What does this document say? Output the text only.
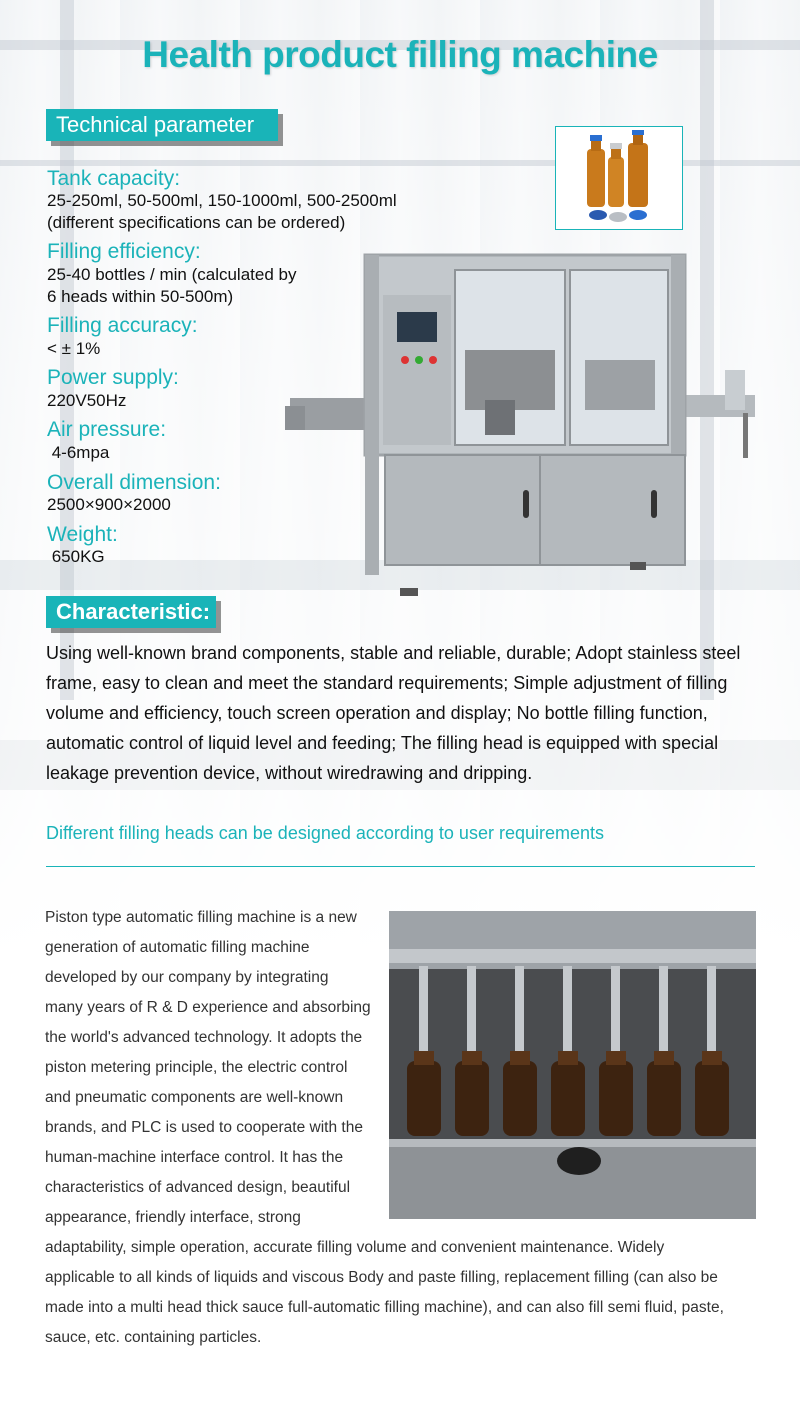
Health product filling machine
Technical parameter
Tank capacity:
25-250ml, 50-500ml, 150-1000ml, 500-2500ml
(different specifications can be ordered)
Filling efficiency:
25-40 bottles / min (calculated by
6 heads within 50-500m)
Filling accuracy:
< ± 1%
Power supply:
220V50Hz
Air pressure:
4-6mpa
Overall dimension:
2500×900×2000
Weight:
650KG
Characteristic:
Using well-known brand components, stable and reliable, durable; Adopt stainless steel frame, easy to clean and meet the standard requirements; Simple adjustment of filling volume and efficiency, touch screen operation and display; No bottle filling function, automatic control of liquid level and feeding; The filling head is equipped with special leakage prevention device, without wiredrawing and dripping.
Different filling heads can be designed according to user requirements
Piston type automatic filling machine is a new
generation of automatic filling machine
developed by our company by integrating
many years of R & D experience and absorbing
the world's advanced technology. It adopts the
piston metering principle, the electric control
and pneumatic components are well-known
brands, and PLC is used to cooperate with the
human-machine interface control. It has the
characteristics of advanced design, beautiful
appearance, friendly interface, strong
adaptability, simple operation, accurate filling volume and convenient maintenance. Widely
applicable to all kinds of liquids and viscous Body and paste filling, replacement filling (can also be
made into a multi head thick sauce full-automatic filling machine), and can also fill semi fluid, paste,
sauce, etc. containing particles.
